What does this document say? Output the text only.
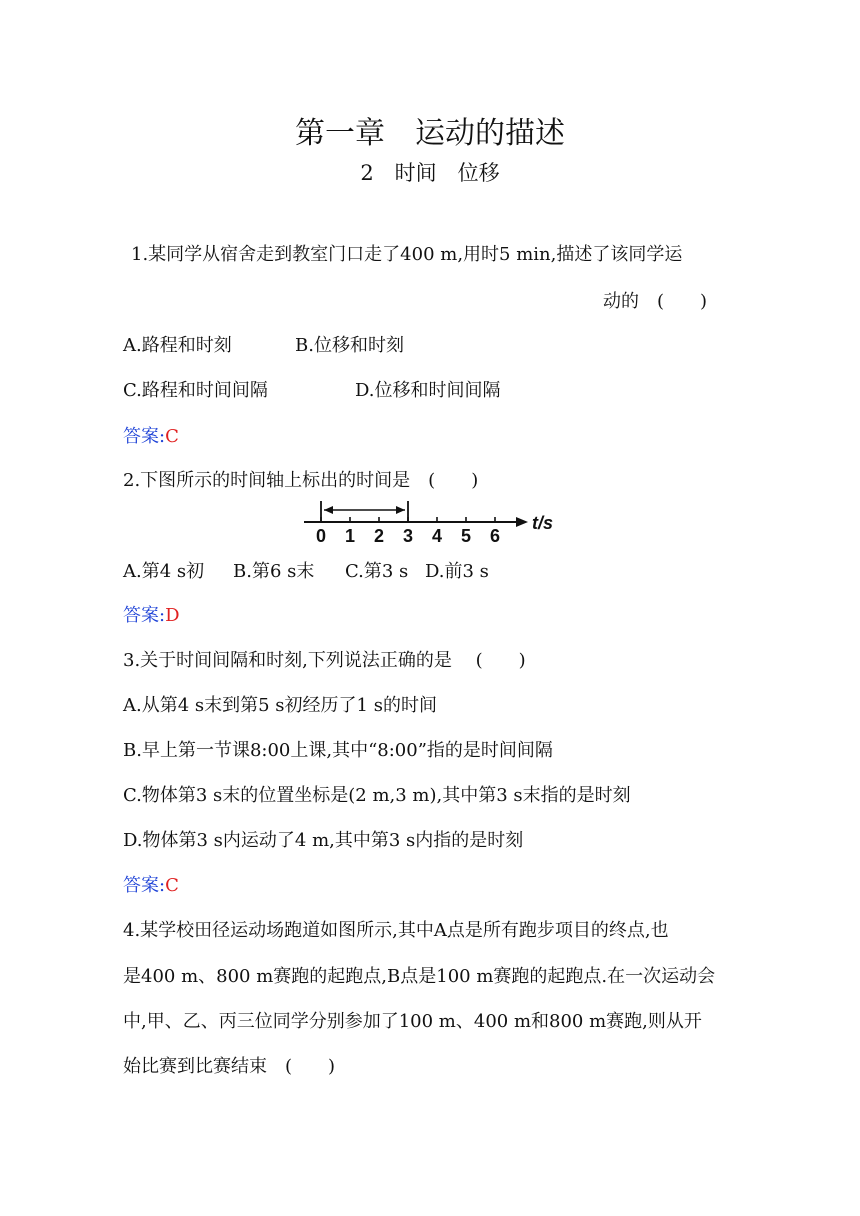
第一章　运动的描述
2　时间　位移
1.某同学从宿舍走到教室门口走了400 m,用时5 min,描述了该同学运
动的　(　　)
A.路程和时刻	B.位移和时刻
C.路程和时间间隔	D.位移和时间间隔
答案:C
2.下图所示的时间轴上标出的时间是　(　　)
0 1 2 3 4 5 6
t/s
A.第4 s初 B.第6 s末 C.第3 s D.前3 s
答案:D
3.关于时间间隔和时刻,下列说法正确的是　 (　　)
A.从第4 s末到第5 s初经历了1 s的时间
B.早上第一节课8:00上课,其中“8:00”指的是时间间隔
C.物体第3 s末的位置坐标是(2 m,3 m),其中第3 s末指的是时刻
D.物体第3 s内运动了4 m,其中第3 s内指的是时刻
答案:C
4.某学校田径运动场跑道如图所示,其中A点是所有跑步项目的终点,也
是400 m、800 m赛跑的起跑点,B点是100 m赛跑的起跑点.在一次运动会
中,甲、乙、丙三位同学分别参加了100 m、400 m和800 m赛跑,则从开
始比赛到比赛结束　(　　)
